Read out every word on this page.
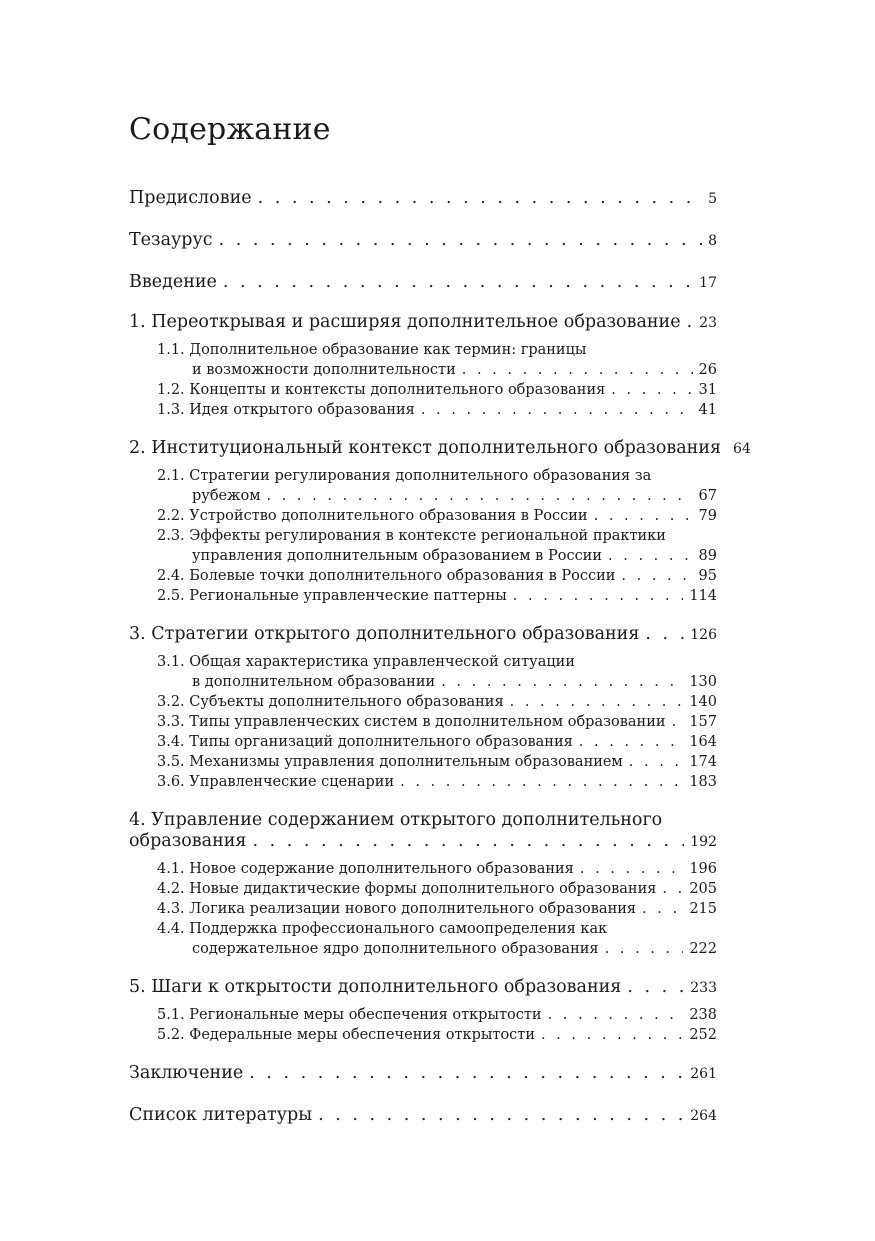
Содержание
Предисловие . . .	5
Тезаурус . . .	8
Введение . . .	17
1. Переоткрывая и расширяя дополнительное образование . . . 23
1.1. Дополнительное образование как термин: границы
и возможности дополнительности . . .	26
1.2. Концепты и контексты дополнительного образования . . .	31
1.3. Идея открытого образования . . .	41
2. Институциональный контекст дополнительного образования 64
2.1. Стратегии регулирования дополнительного образования за
рубежом . . .	67
2.2. Устройство дополнительного образования в России . . .	79
2.3. Эффекты регулирования в контексте региональной практики
управления дополнительным образованием в России . . .	89
2.4. Болевые точки дополнительного образования в России . . .	95
2.5. Региональные управленческие паттерны . . .	114
3. Стратегии открытого дополнительного образования . . .	126
3.1. Общая характеристика управленческой ситуации
в дополнительном образовании . . .	130
3.2. Субъекты дополнительного образования . . .	140
3.3. Типы управленческих систем в дополнительном образовании . . . 157
3.4. Типы организаций дополнительного образования . . .	164
3.5. Механизмы управления дополнительным образованием . . .	174
3.6. Управленческие сценарии . . .	183
4. Управление содержанием открытого дополнительного
образования . . .	192
4.1. Новое содержание дополнительного образования . . .	196
4.2. Новые дидактические формы дополнительного образования . . . 205
4.3. Логика реализации нового дополнительного образования . . .	215
4.4. Поддержка профессионального самоопределения как
содержательное ядро дополнительного образования . . .	222
5. Шаги к открытости дополнительного образования . . .	233
5.1. Региональные меры обеспечения открытости . . .	238
5.2. Федеральные меры обеспечения открытости . . .	252
Заключение . . .	261
Список литературы . . .	264
